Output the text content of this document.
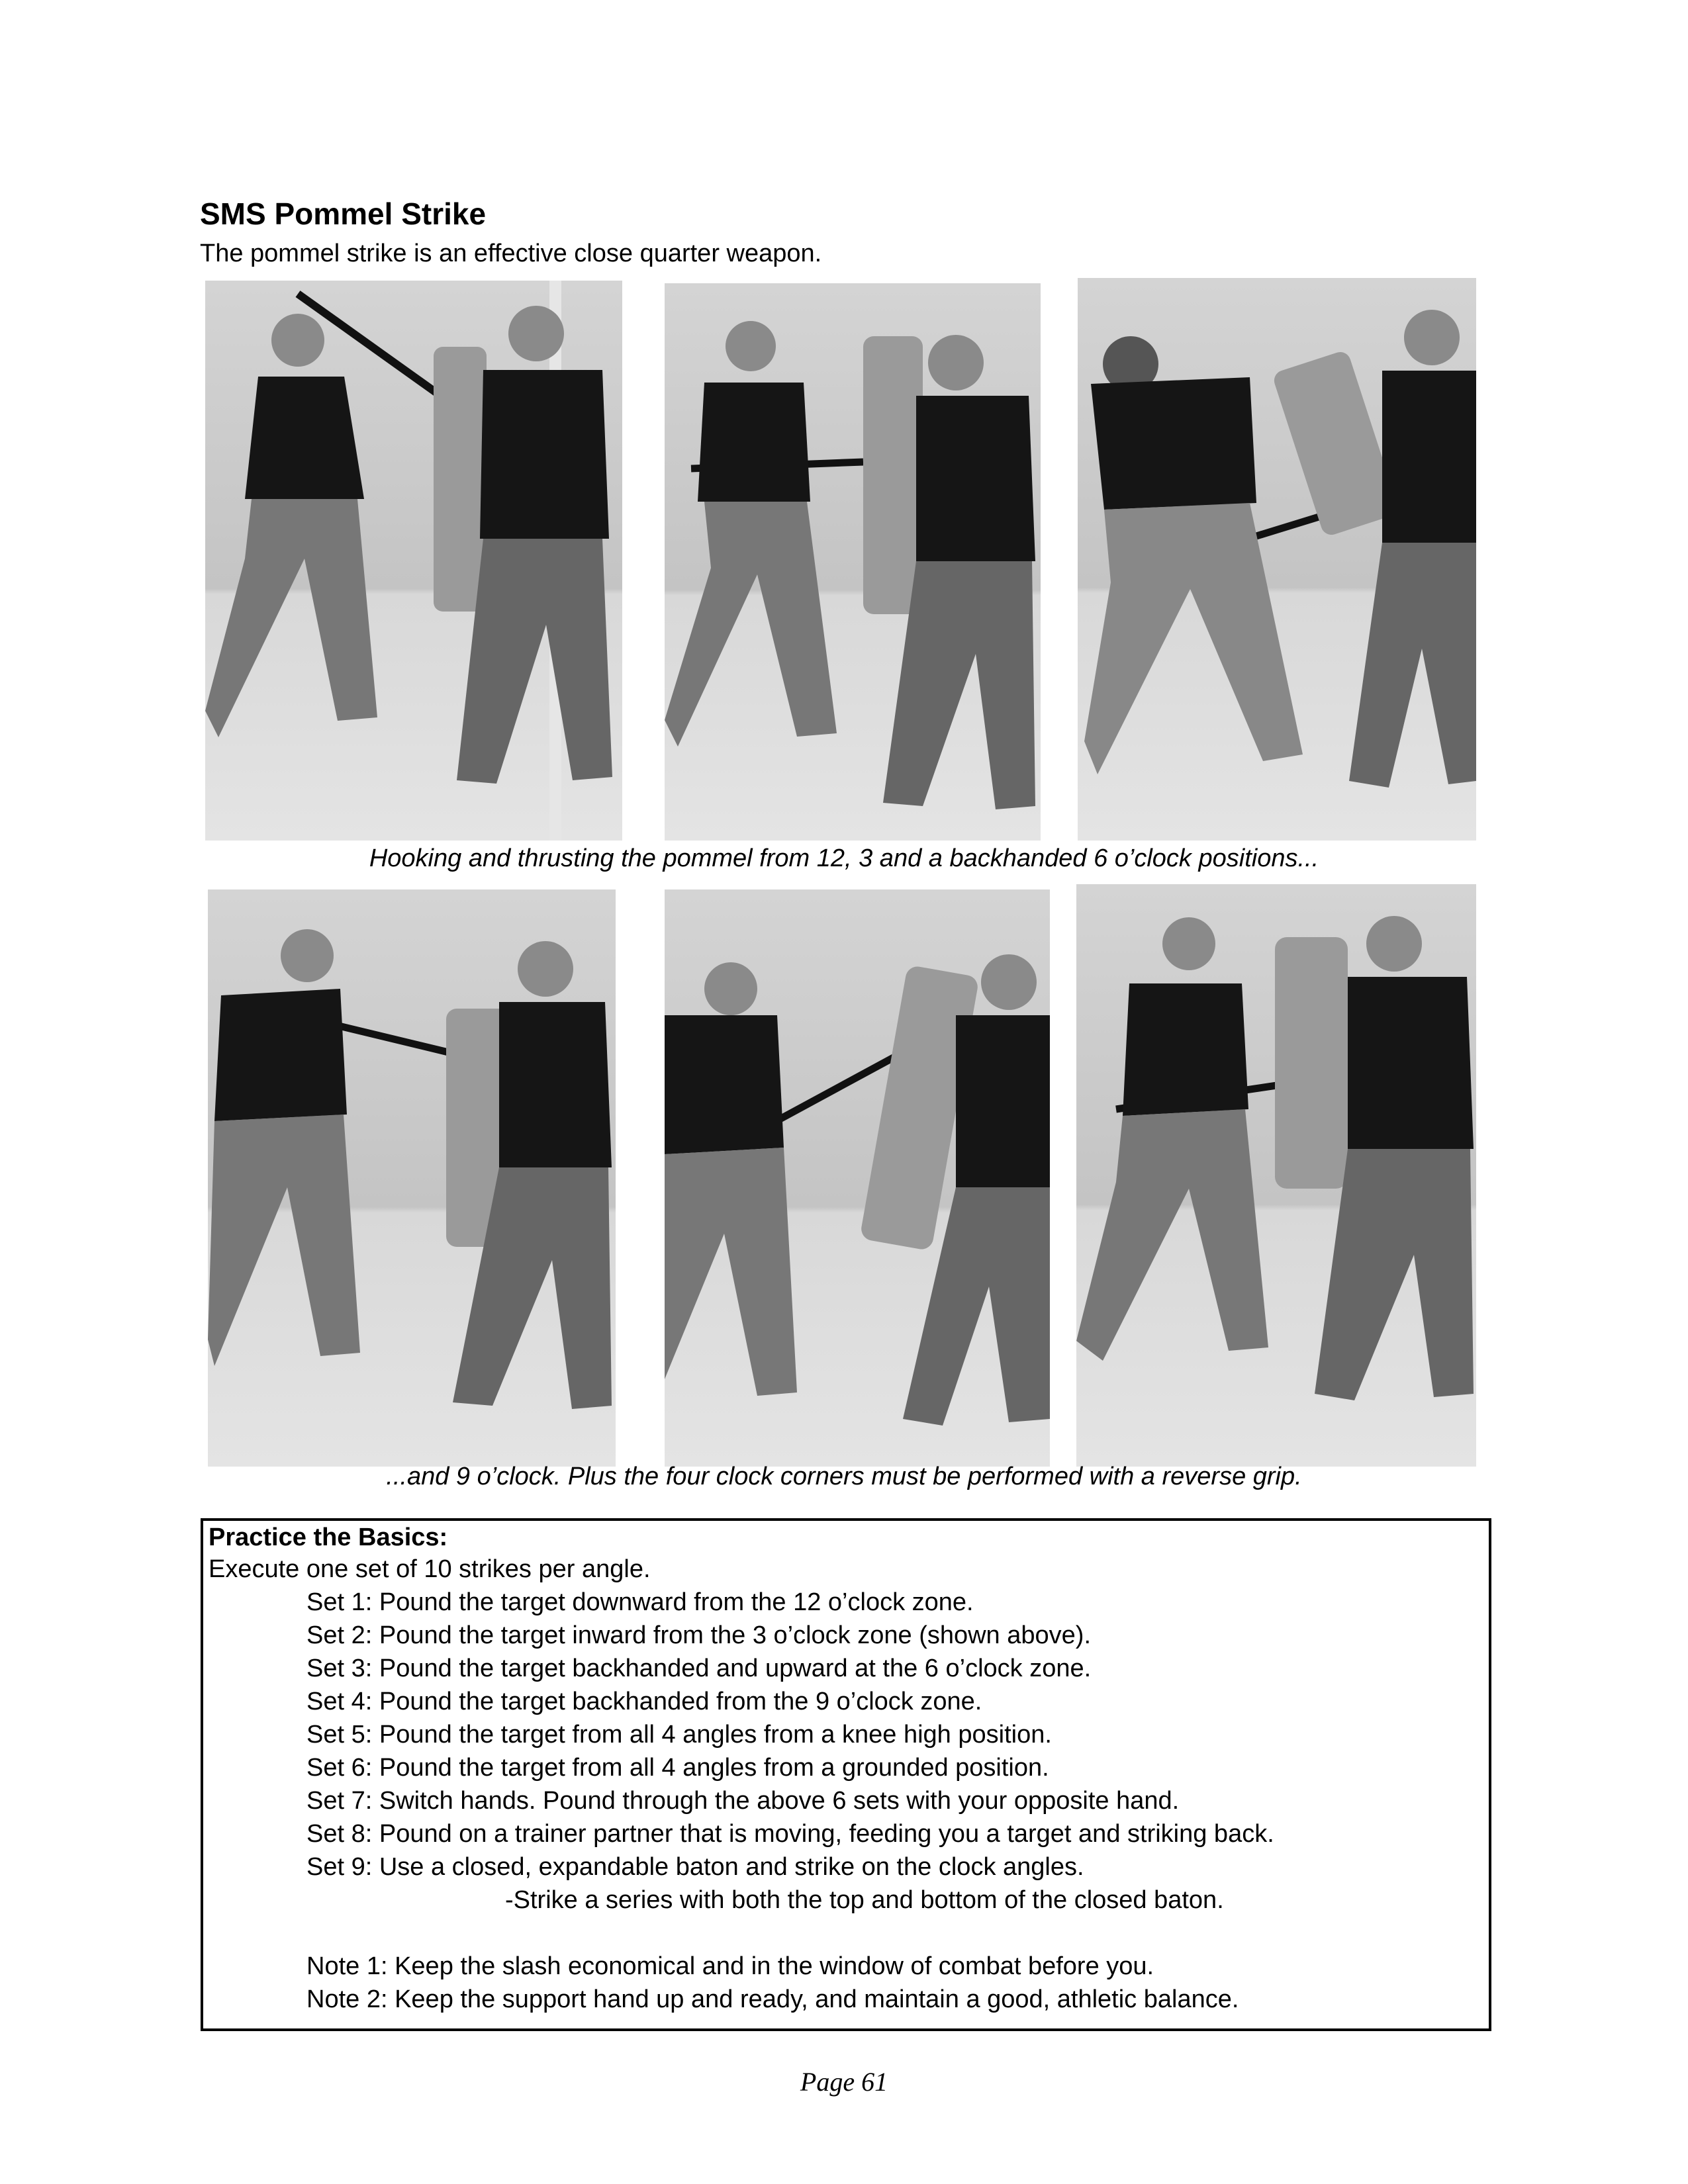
SMS Pommel Strike
The pommel strike is an effective close quarter weapon.
Hooking and thrusting the pommel from 12, 3 and a backhanded 6 o’clock positions...
...and 9 o’clock. Plus the four clock corners must be performed with a reverse grip.
Practice the Basics:
Execute one set of 10 strikes per angle.
Set 1: Pound the target downward from the 12 o’clock zone.
Set 2: Pound the target inward from the 3 o’clock zone (shown above).
Set 3: Pound the target backhanded and upward at the 6 o’clock zone.
Set 4: Pound the target backhanded from the 9 o’clock zone.
Set 5: Pound the target from all 4 angles from a knee high position.
Set 6: Pound the target from all 4 angles from a grounded position.
Set 7: Switch hands. Pound through the above 6 sets with your opposite hand.
Set 8: Pound on a trainer partner that is moving, feeding you a target and striking back.
Set 9: Use a closed, expandable baton and strike on the clock angles.
-Strike a series with both the top and bottom of the closed baton.
Note 1: Keep the slash economical and in the window of combat before you.
Note 2: Keep the support hand up and ready, and maintain a good, athletic balance.
Page 61
